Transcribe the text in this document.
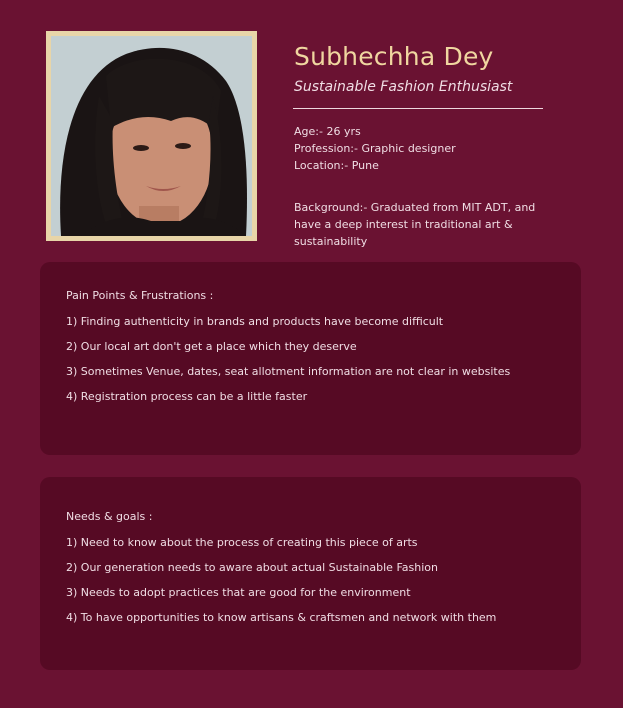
Subhechha Dey
Sustainable Fashion Enthusiast
Age:- 26 yrs
Profession:- Graphic designer
Location:- Pune
Background:- Graduated from MIT ADT, and have a deep interest in traditional art & sustainability
Pain Points & Frustrations :
1) Finding authenticity in brands and products have become difficult
2) Our local art don't get a place which they deserve
3) Sometimes Venue, dates, seat allotment information are not clear in websites
4) Registration process can be a little faster
Needs & goals :
1) Need to know about the process of creating this piece of arts
2) Our generation needs to aware about actual Sustainable Fashion
3) Needs to adopt practices that are good for the environment
4) To have opportunities to know artisans & craftsmen and network with them
